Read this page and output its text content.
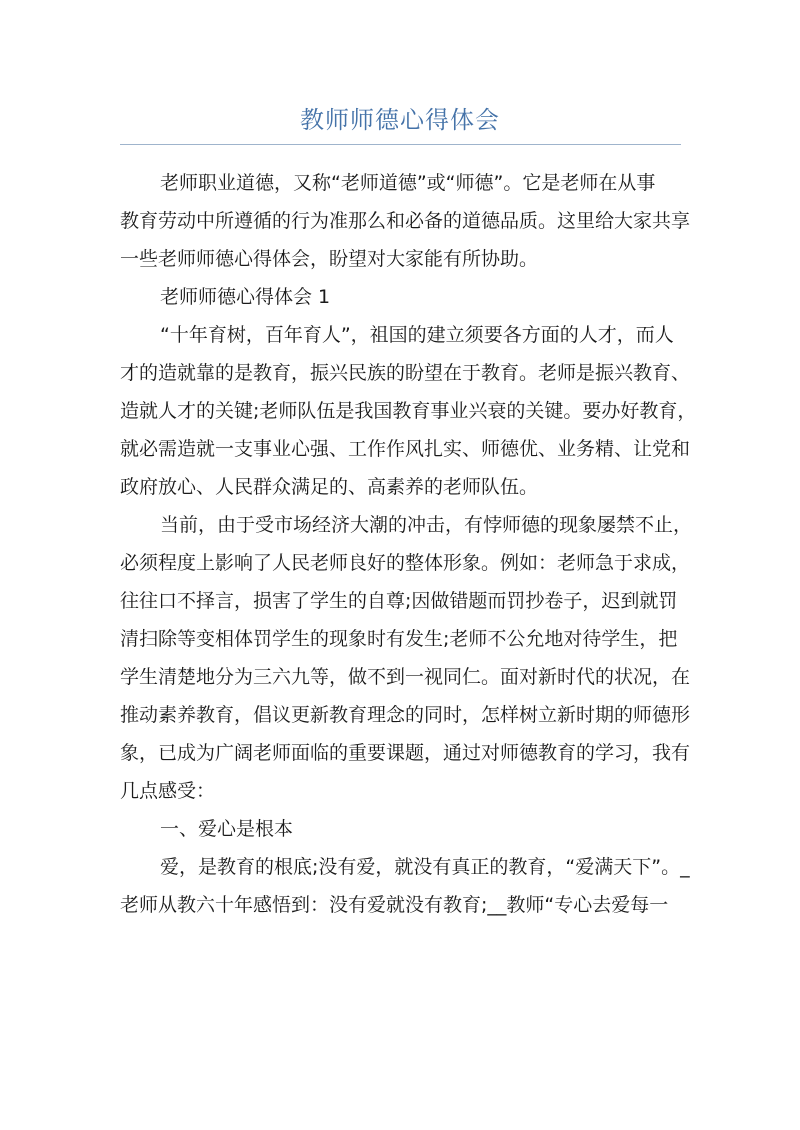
教师师德心得体会
老师职业道德，又称“老师道德”或“师德”。它是老师在从事
教育劳动中所遵循的行为准那么和必备的道德品质。这里给大家共享
一些老师师德心得体会，盼望对大家能有所协助。
老师师德心得体会 1
“十年育树，百年育人”，祖国的建立须要各方面的人才，而人
才的造就靠的是教育，振兴民族的盼望在于教育。老师是振兴教育、
造就人才的关键;老师队伍是我国教育事业兴衰的关键。要办好教育，
就必需造就一支事业心强、工作作风扎实、师德优、业务精、让党和
政府放心、人民群众满足的、高素养的老师队伍。
当前，由于受市场经济大潮的冲击，有悖师德的现象屡禁不止，
必须程度上影响了人民老师良好的整体形象。例如：老师急于求成，
往往口不择言，损害了学生的自尊;因做错题而罚抄卷子，迟到就罚
清扫除等变相体罚学生的现象时有发生;老师不公允地对待学生，把
学生清楚地分为三六九等，做不到一视同仁。面对新时代的状况，在
推动素养教育，倡议更新教育理念的同时，怎样树立新时期的师德形
象，已成为广阔老师面临的重要课题，通过对师德教育的学习，我有
几点感受：
一、爱心是根本
爱，是教育的根底;没有爱，就没有真正的教育，“爱满天下”。_
老师从教六十年感悟到：没有爱就没有教育;__教师“专心去爱每一
